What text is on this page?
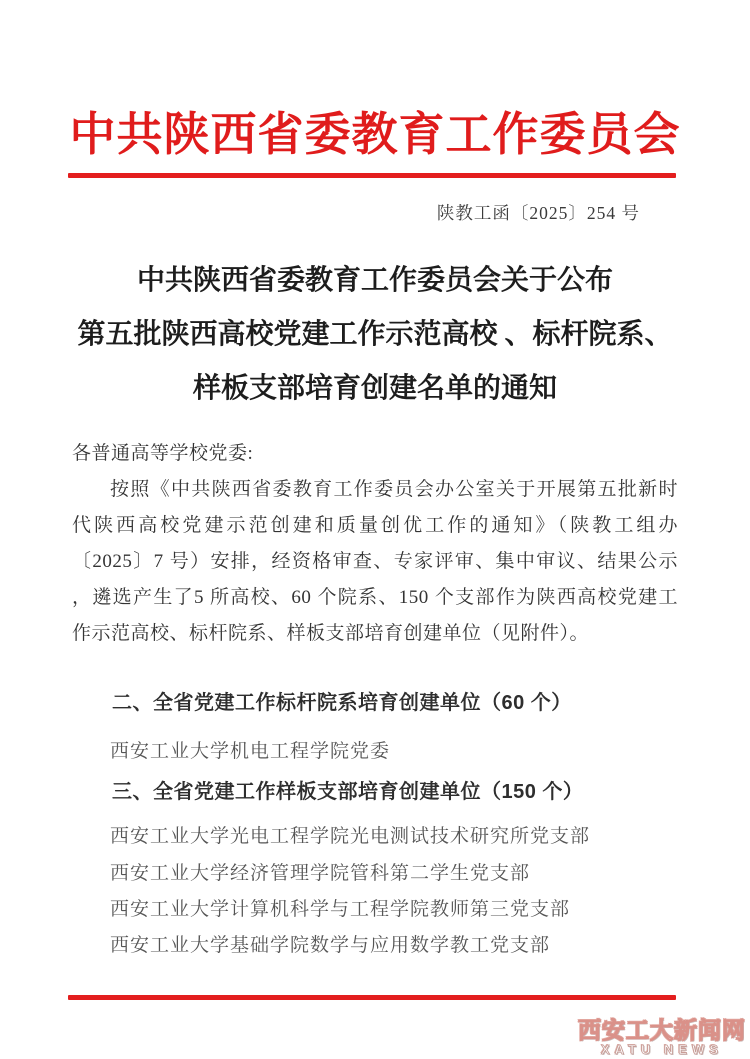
中共陕西省委教育工作委员会
陕教工函〔2025〕254 号
中共陕西省委教育工作委员会关于公布
第五批陕西高校党建工作示范高校 、标杆院系、
样板支部培育创建名单的通知
各普通高等学校党委:
按照《中共陕西省委教育工作委员会办公室关于开展第五批新时
代陕西高校党建示范创建和质量创优工作的通知》（陕教工组办
〔2025〕7 号）安排，经资格审查、专家评审、集中审议、结果公示
，遴选产生了5 所高校、60 个院系、150 个支部作为陕西高校党建工
作示范高校、标杆院系、样板支部培育创建单位（见附件）。
二、全省党建工作标杆院系培育创建单位（60 个）
西安工业大学机电工程学院党委
三、全省党建工作样板支部培育创建单位（150 个）
西安工业大学光电工程学院光电测试技术研究所党支部
西安工业大学经济管理学院管科第二学生党支部
西安工业大学计算机科学与工程学院教师第三党支部
西安工业大学基础学院数学与应用数学教工党支部
西安工大新闻网
XATU NEWS
